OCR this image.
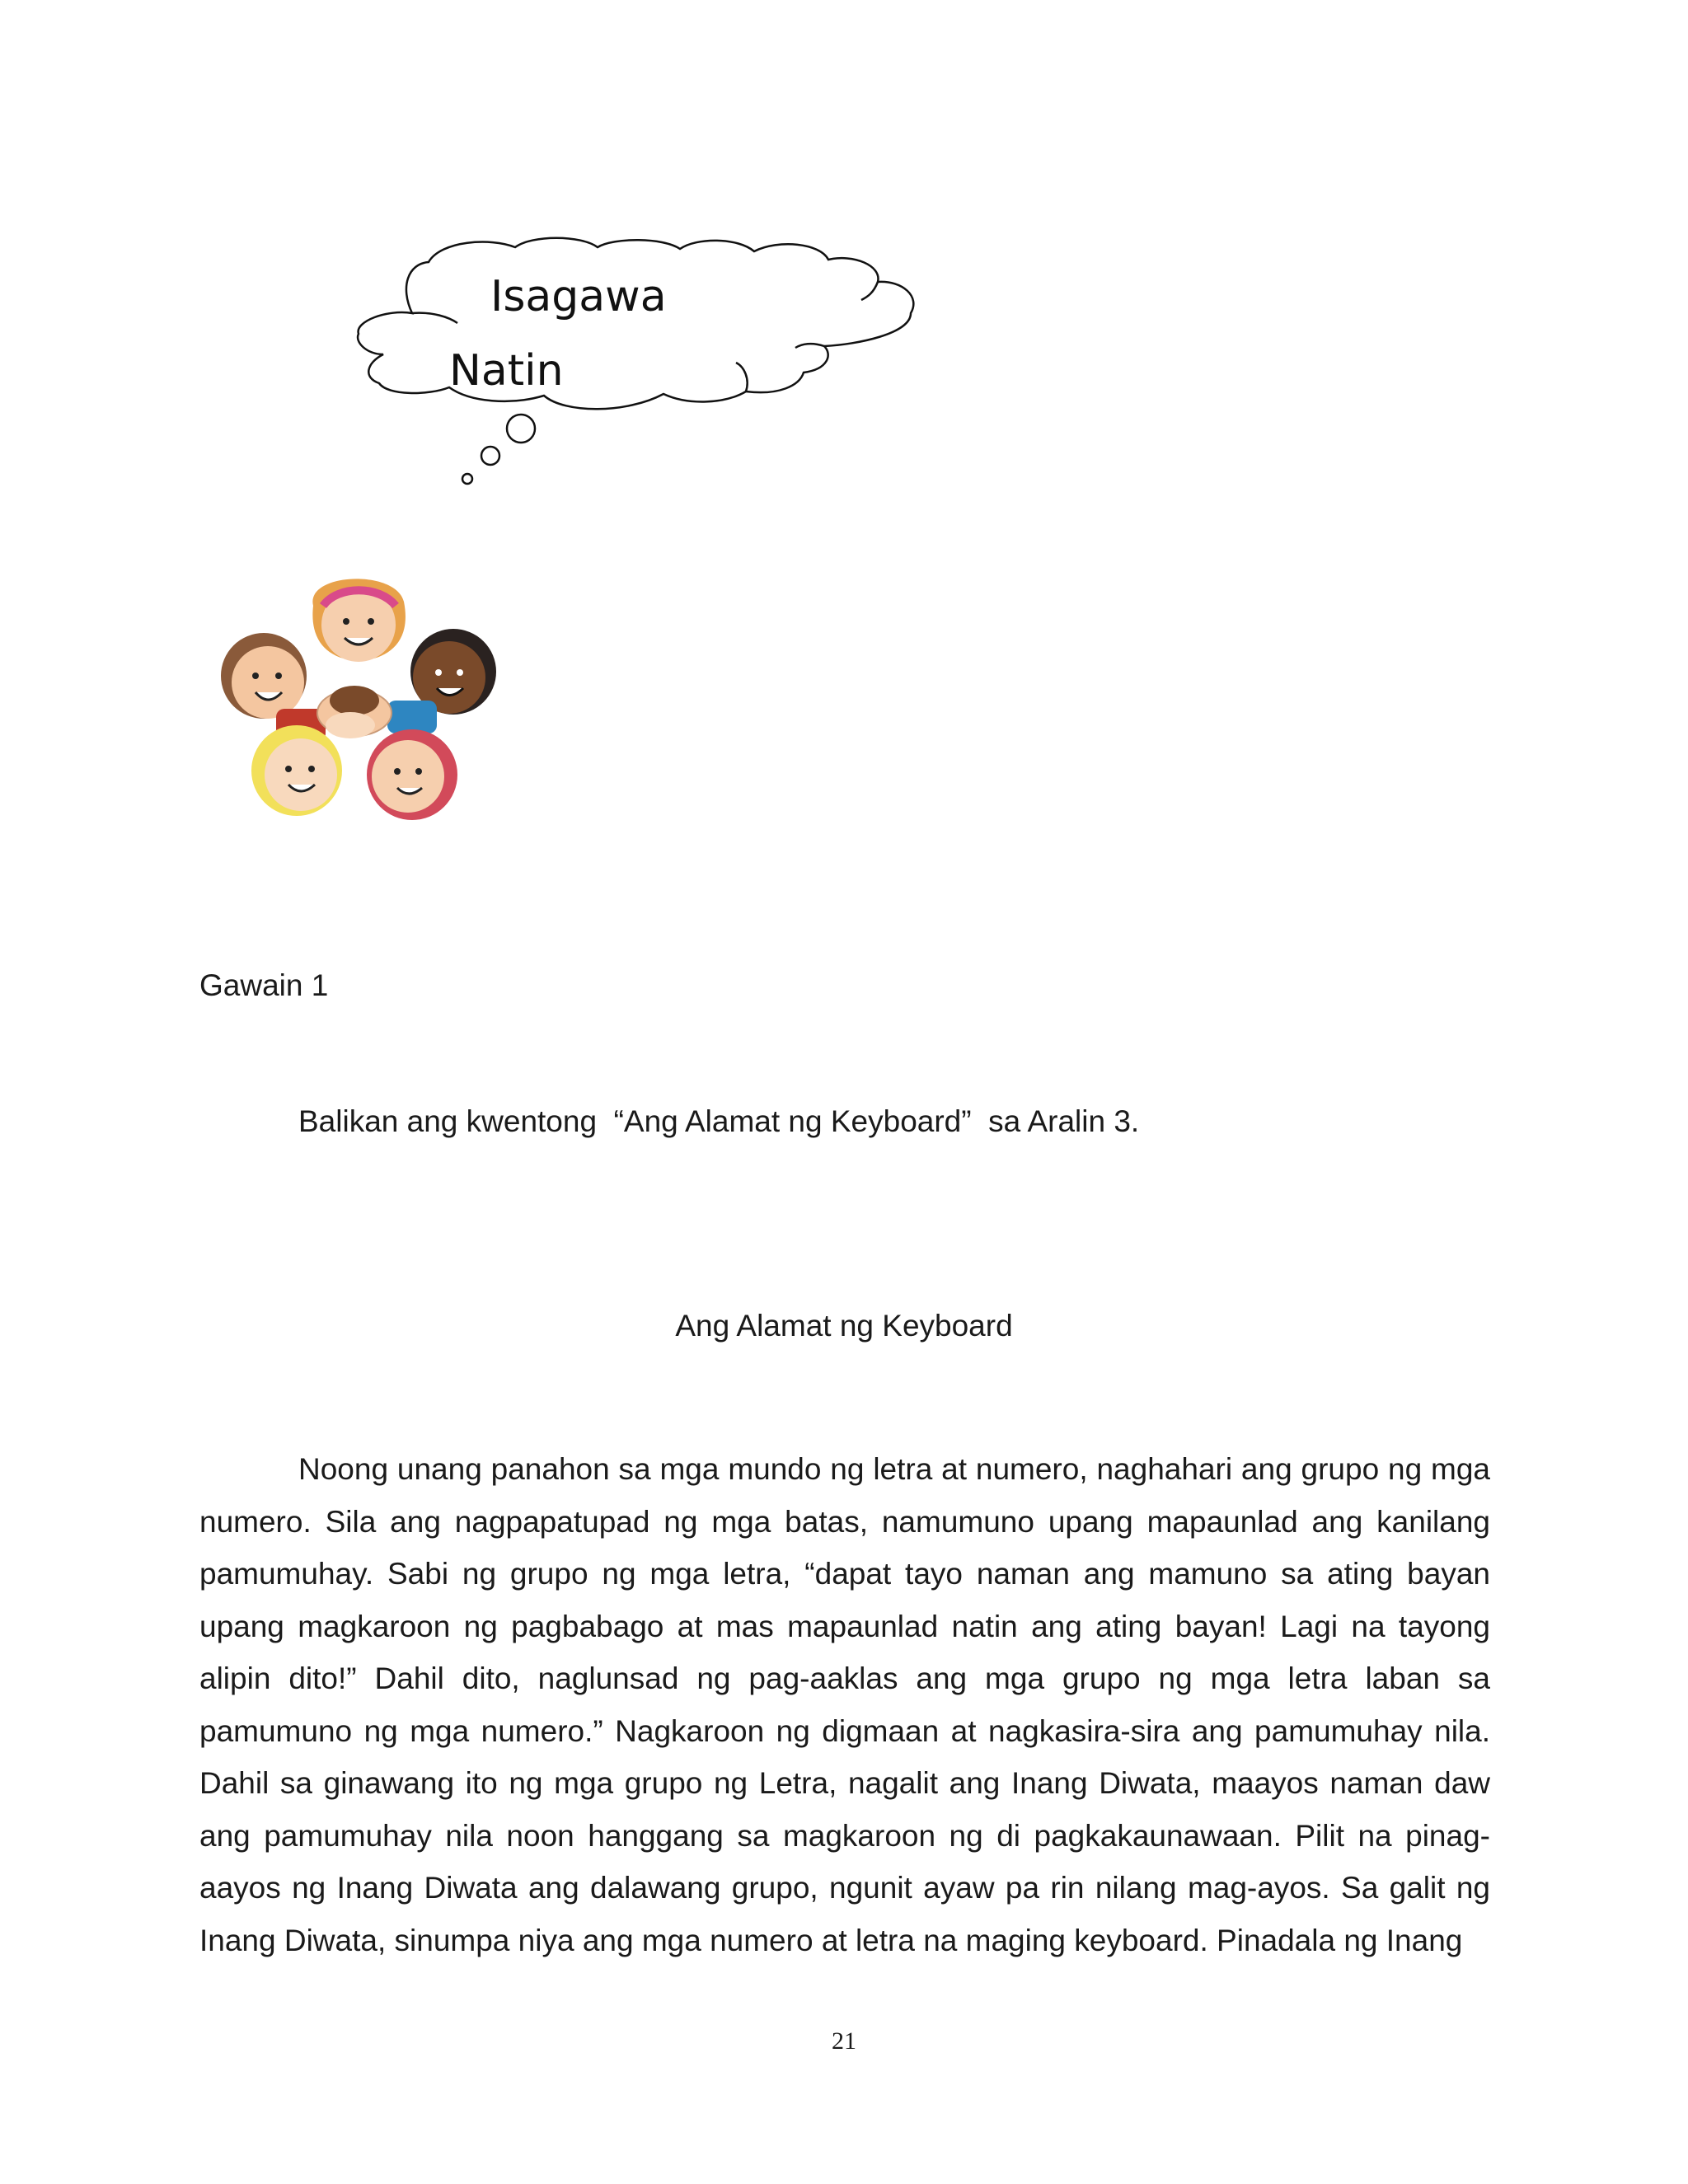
Isagawa
Natin
Gawain 1
Balikan ang kwentong  “Ang Alamat ng Keyboard”  sa Aralin 3.
Ang Alamat ng Keyboard

Noong unang panahon sa mga mundo ng letra at numero, naghahari ang grupo ng mga numero. Sila ang nagpapatupad ng mga batas, namumuno upang mapaunlad ang kanilang pamumuhay. Sabi ng grupo ng mga letra, “dapat tayo naman ang mamuno sa ating bayan upang magkaroon ng pagbabago at mas mapaunlad natin ang ating bayan! Lagi na tayong alipin dito!” Dahil dito, naglunsad ng pag-aaklas ang mga grupo ng mga letra laban sa pamumuno ng mga numero.” Nagkaroon ng digmaan at nagkasira-sira ang pamumuhay nila. Dahil sa ginawang ito ng mga grupo ng Letra, nagalit ang Inang Diwata, maayos naman daw ang pamumuhay nila noon hanggang sa magkaroon ng di pagkakaunawaan. Pilit na pinag-aayos ng Inang Diwata ang dalawang grupo, ngunit ayaw pa rin nilang mag-ayos. Sa galit ng Inang Diwata, sinumpa niya ang mga numero at letra na maging keyboard. Pinadala ng Inang

21
